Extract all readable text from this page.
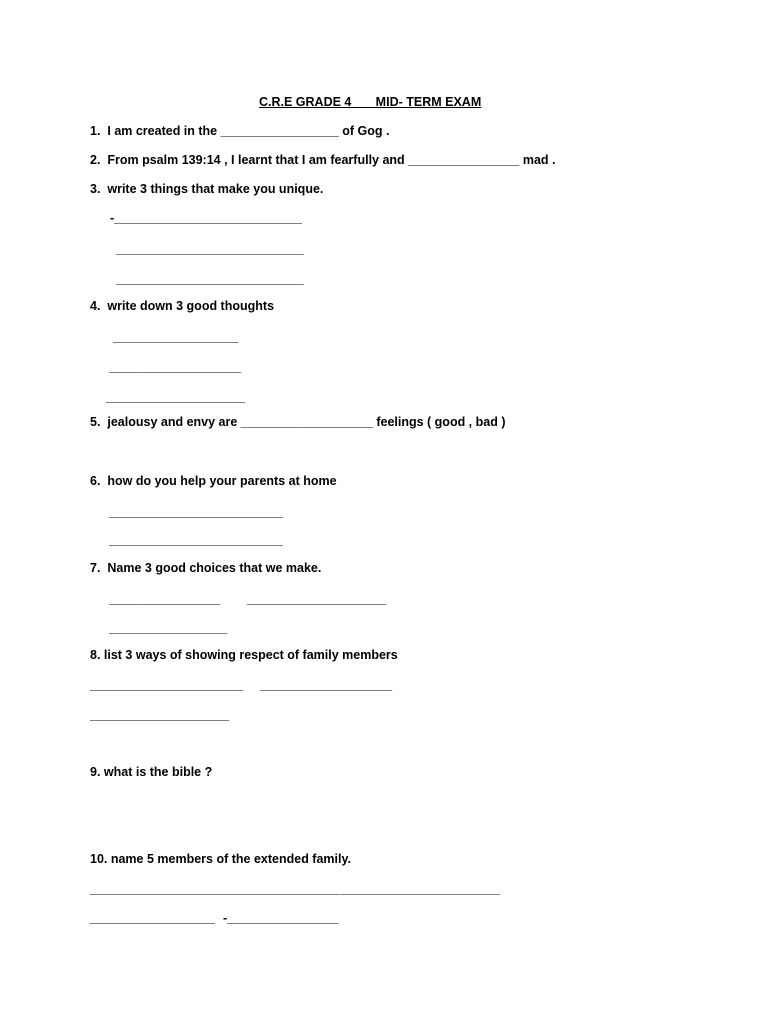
C.R.E GRADE 4       MID- TERM EXAM

1.  I am created in the _________________ of Gog .

2.  From psalm 139:14 , I learnt that I am fearfully and ________________ mad .

3.  write 3 things that make you unique.

-___________________________

___________________________

___________________________

4.  write down 3 good thoughts

__________________

___________________

____________________

5.  jealousy and envy are ___________________ feelings ( good , bad )

6.  how do you help your parents at home

_________________________

_________________________

7.  Name 3 good choices that we make.

________________ ____________________

_________________

8. list 3 ways of showing respect of family members

______________________ ___________________

____________________

9. what is the bible ?

10. name 5 members of the extended family.

____________________

________________ _______________________

__________________ -________________
